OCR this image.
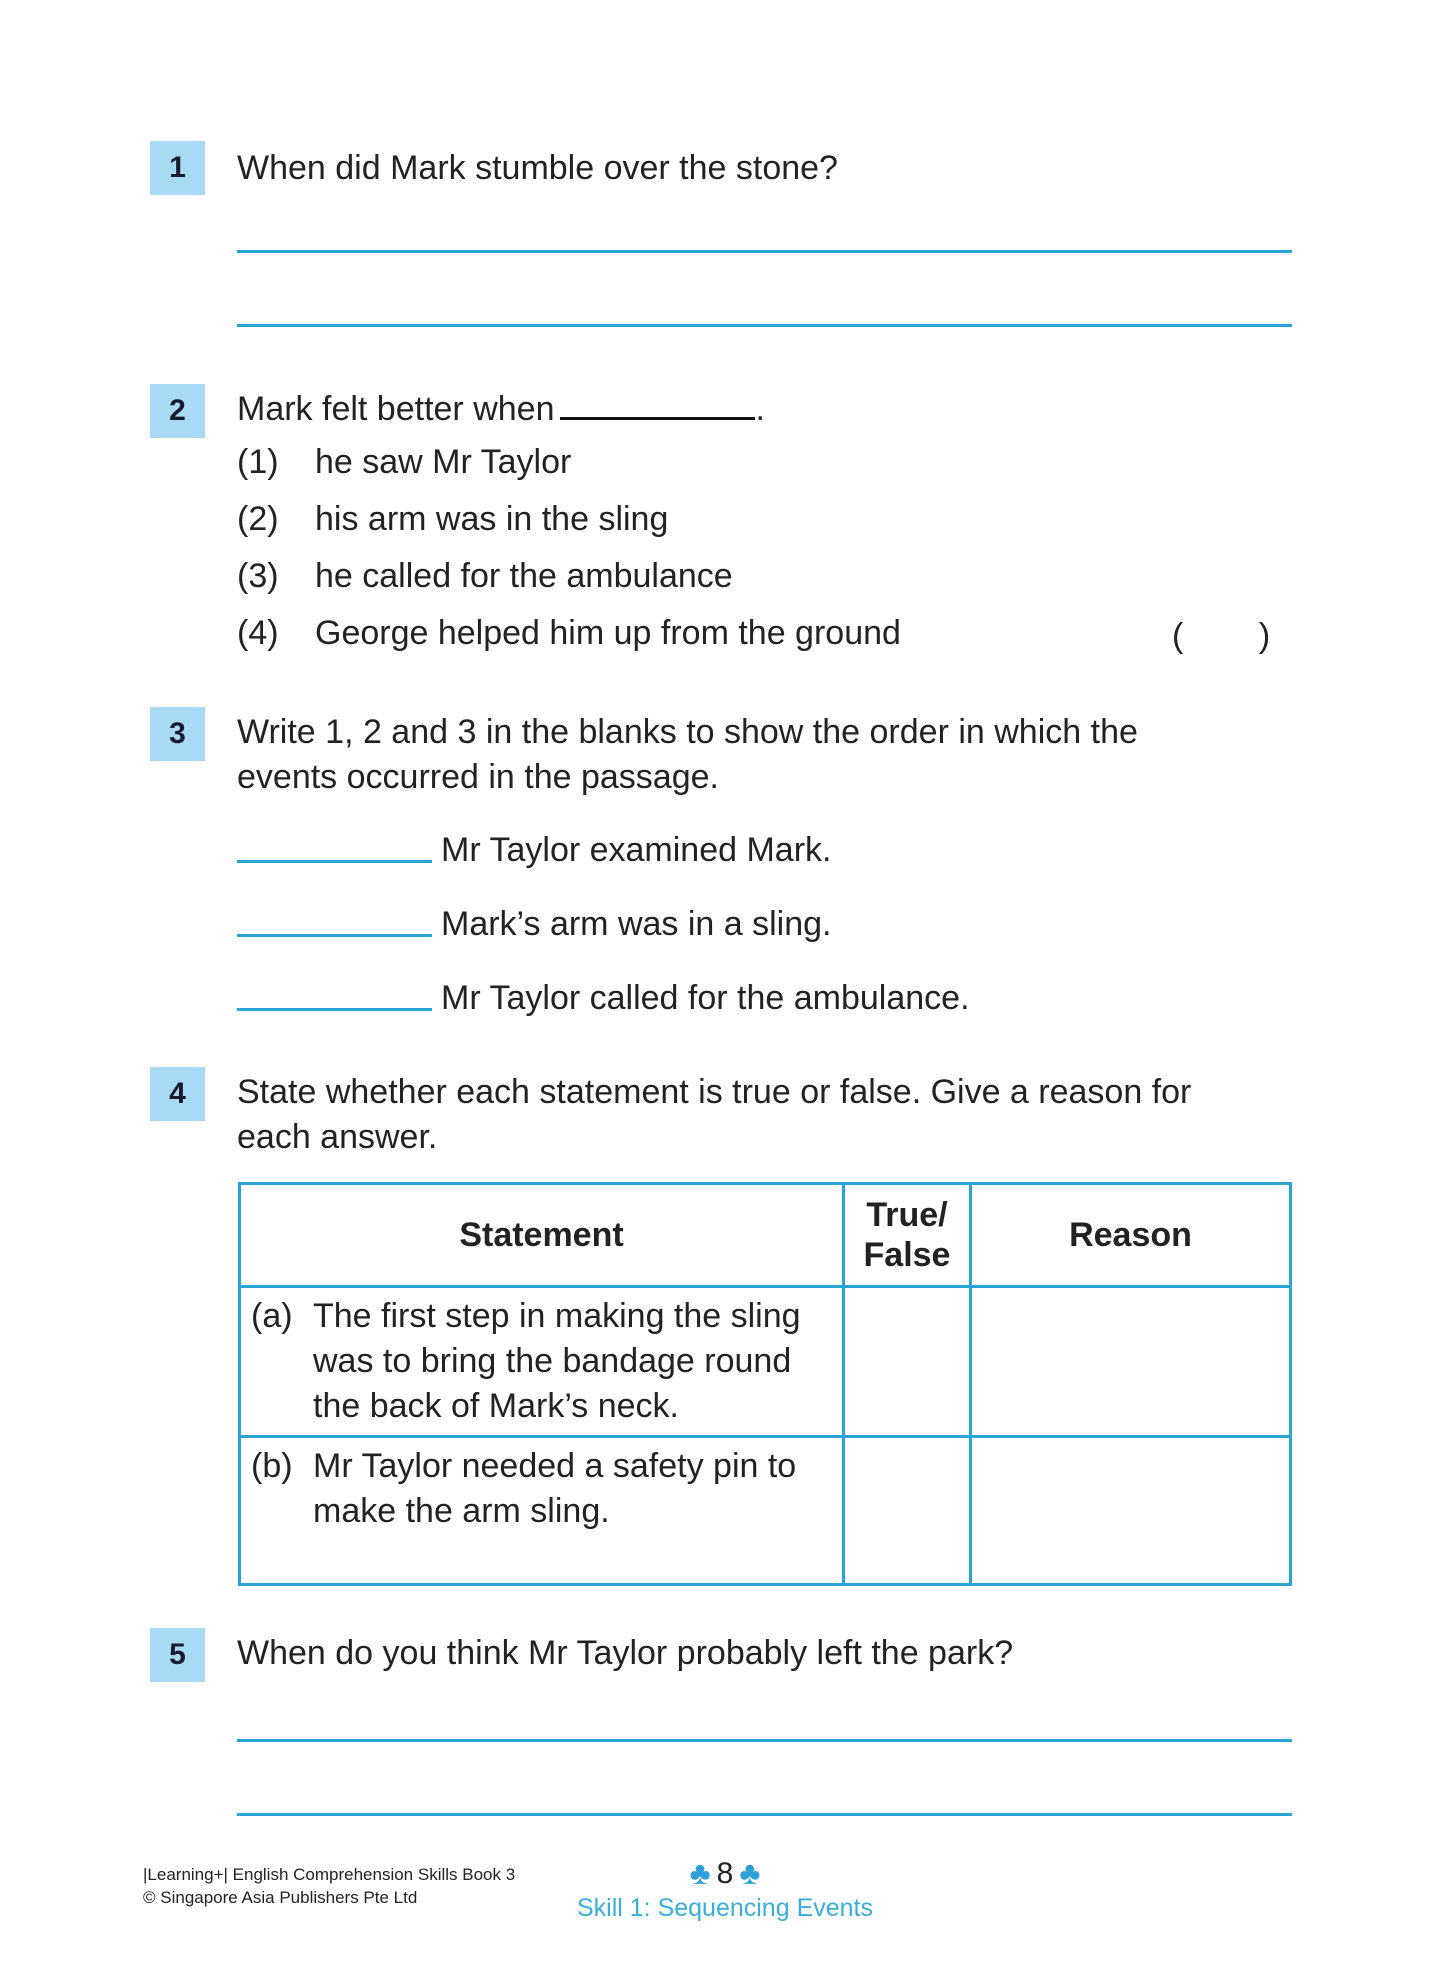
1	When did Mark stumble over the stone?
2	Mark felt better when	.
(1) he saw Mr Taylor
(2) his arm was in the sling
(3) he called for the ambulance
(4) George helped him up from the ground	(        )
3	Write 1, 2 and 3 in the blanks to show the order in which the
events occurred in the passage.
Mr Taylor examined Mark.
Mark’s arm was in a sling.
Mr Taylor called for the ambulance.
4	State whether each statement is true or false. Give a reason for
each answer.
Statement	True/ False	Reason

(a) The first step in making the sling was to bring the bandage round the back of Mark’s neck.		

(b) Mr Taylor needed a safety pin to make the arm sling.		

5	When do you think Mr Taylor probably left the park?
|Learning+| English Comprehension Skills Book 3
© Singapore Asia Publishers Pte Ltd
♣ 8 ♣
Skill 1: Sequencing Events
